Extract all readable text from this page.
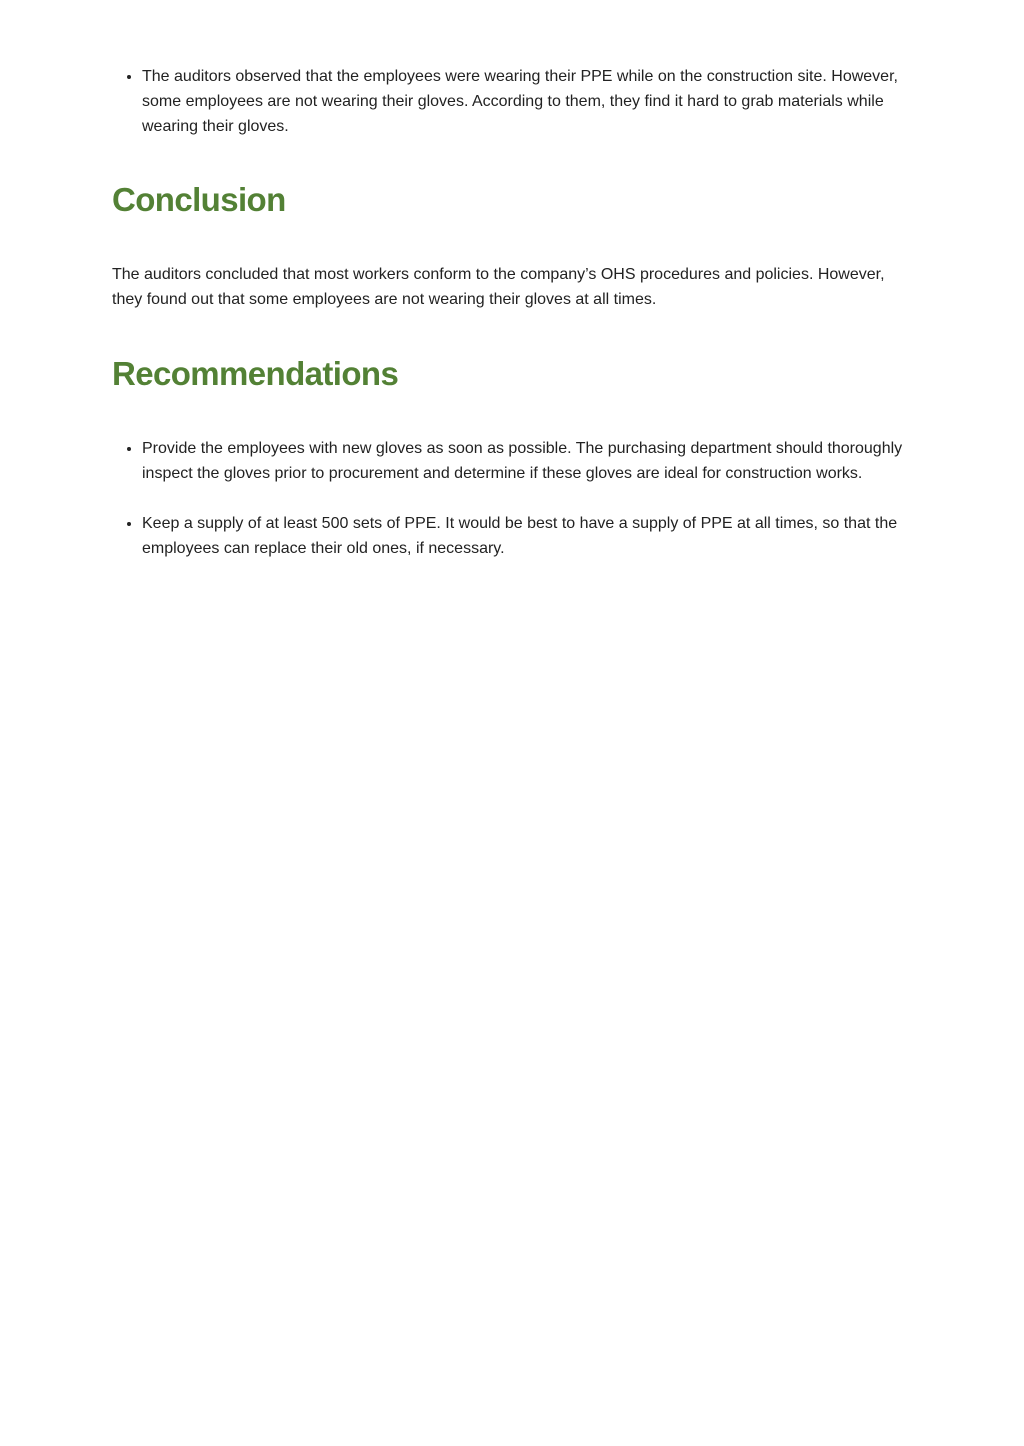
• The auditors observed that the employees were wearing their PPE while on the construction site. However, some employees are not wearing their gloves. According to them, they find it hard to grab materials while wearing their gloves.
Conclusion

The auditors concluded that most workers conform to the company’s OHS procedures and policies. However, they found out that some employees are not wearing their gloves at all times.

Recommendations
• Provide the employees with new gloves as soon as possible. The purchasing department should thoroughly inspect the gloves prior to procurement and determine if these gloves are ideal for construction works.
• Keep a supply of at least 500 sets of PPE. It would be best to have a supply of PPE at all times, so that the employees can replace their old ones, if necessary.
